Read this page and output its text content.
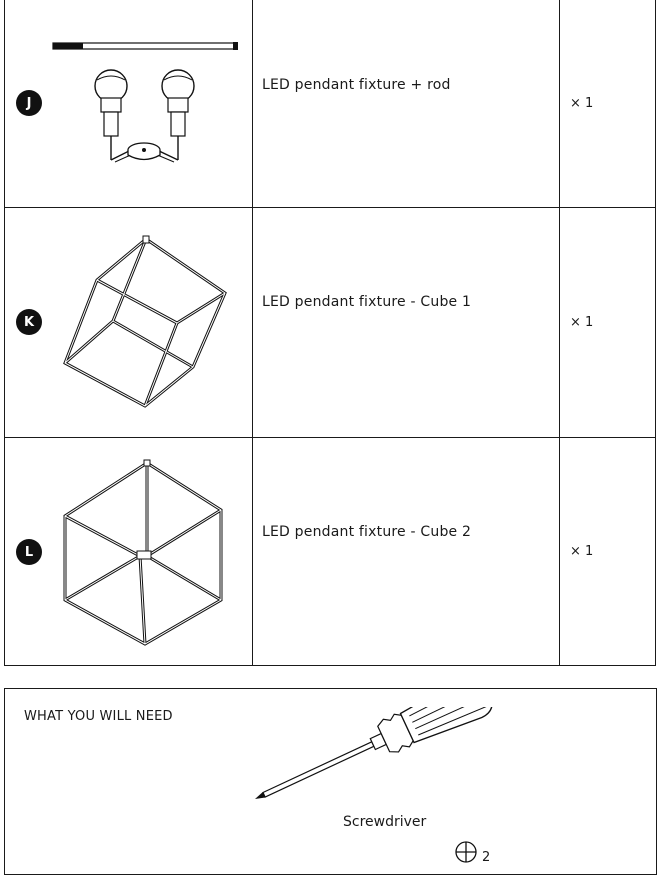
J
LED pendant fixture + rod
× 1
K
LED pendant fixture - Cube 1
× 1
L
LED pendant fixture - Cube 2
× 1
WHAT YOU WILL NEED
Screwdriver
2
